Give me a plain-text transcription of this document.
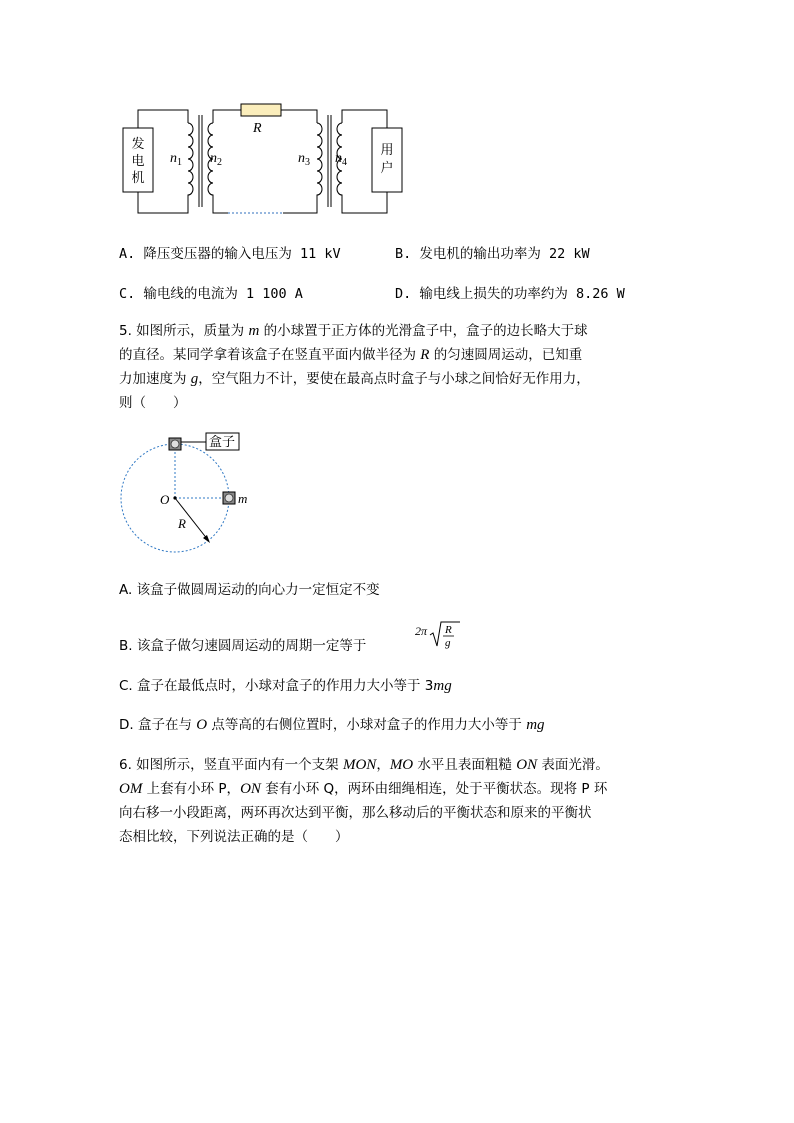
发
电
机
R
用
户
$n_1$ $n_2$	$n_3$ $n_4$
A. 降压变压器的输入电压为 11 kV	B. 发电机的输出功率为 22 kW
C. 输电线的电流为 1 100 A	D. 输电线上损失的功率约为 8.26 W
5. 如图所示，质量为 m 的小球置于正方体的光滑盒子中，盒子的边长略大于球
的直径。某同学拿着该盒子在竖直平面内做半径为 R 的匀速圆周运动，已知重
力加速度为 g，空气阻力不计，要使在最高点时盒子与小球之间恰好无作用力，
则（　　）
盒子
O
R
m
A. 该盒子做圆周运动的向心力一定恒定不变
B. 该盒子做匀速圆周运动的周期一定等于
2π R
g
C. 盒子在最低点时，小球对盒子的作用力大小等于 3mg
D. 盒子在与 O 点等高的右侧位置时，小球对盒子的作用力大小等于 mg
6. 如图所示，竖直平面内有一个支架 MON，MO 水平且表面粗糙 ON 表面光滑。
OM 上套有小环 P，ON 套有小环 Q，两环由细绳相连，处于平衡状态。现将 P 环
向右移一小段距离，两环再次达到平衡，那么移动后的平衡状态和原来的平衡状
态相比较，下列说法正确的是（　　）
